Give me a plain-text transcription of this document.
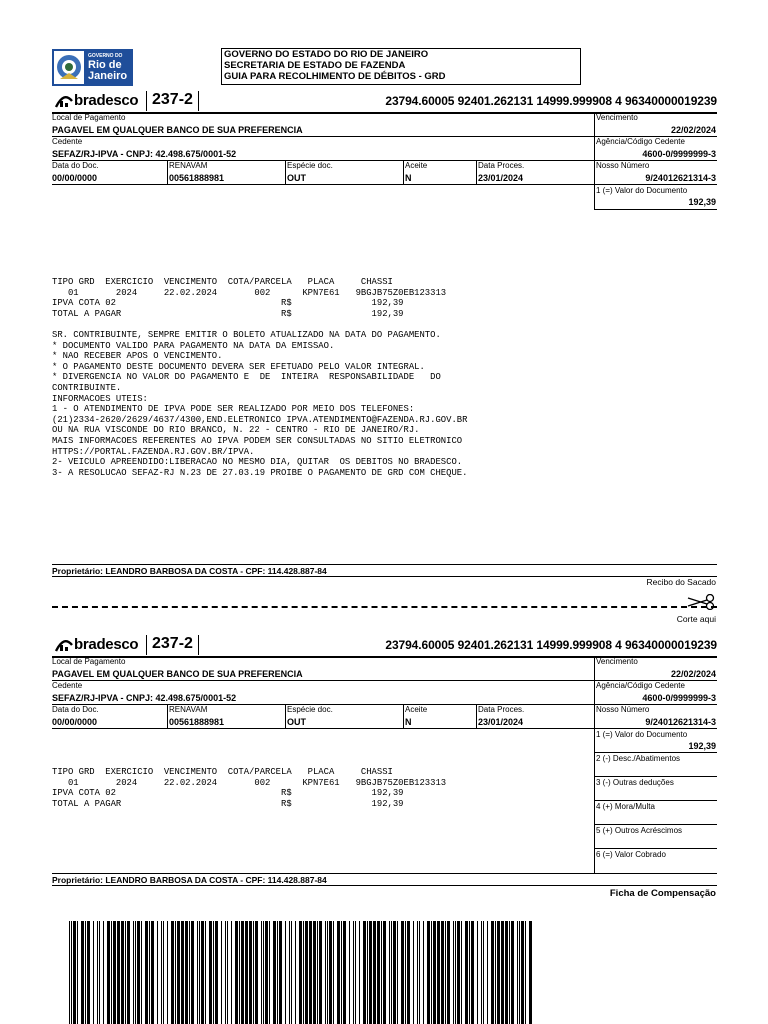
GOVERNO DO
Rio de
Janeiro
GOVERNO DO ESTADO DO RIO DE JANEIRO
SECRETARIA DE ESTADO DE FAZENDA
GUIA PARA RECOLHIMENTO DE DÉBITOS - GRD
bradesco 237-2	23794.60005 92401.262131 14999.999908 4 96340000019239
Local de Pagamento
PAGAVEL EM QUALQUER BANCO DE SUA PREFERENCIA
Vencimento
22/02/2024
Cedente
SEFAZ/RJ-IPVA - CNPJ: 42.498.675/0001-52
Agência/Código Cedente
4600-0/9999999-3
Data do Doc.
00/00/0000
RENAVAM
00561888981
Espécie doc.
OUT
Aceite
N
Data Proces.
23/01/2024
Nosso Número
9/24012621314-3
1 (=) Valor do Documento
192,39
TIPO GRD  EXERCICIO  VENCIMENTO  COTA/PARCELA   PLACA     CHASSI
01       2024     22.02.2024       002      KPN7E61   9BGJB75Z0EB123313
IPVA COTA 02                               R$               192,39
TOTAL A PAGAR                              R$               192,39

SR. CONTRIBUINTE, SEMPRE EMITIR O BOLETO ATUALIZADO NA DATA DO PAGAMENTO.
* DOCUMENTO VALIDO PARA PAGAMENTO NA DATA DA EMISSAO.
* NAO RECEBER APOS O VENCIMENTO.
* O PAGAMENTO DESTE DOCUMENTO DEVERA SER EFETUADO PELO VALOR INTEGRAL.
* DIVERGENCIA NO VALOR DO PAGAMENTO E  DE  INTEIRA  RESPONSABILIDADE   DO
CONTRIBUINTE.
INFORMACOES UTEIS:
1 - O ATENDIMENTO DE IPVA PODE SER REALIZADO POR MEIO DOS TELEFONES:
(21)2334-2620/2629/4637/4300,END.ELETRONICO IPVA.ATENDIMENTO@FAZENDA.RJ.GOV.BR
OU NA RUA VISCONDE DO RIO BRANCO, N. 22 - CENTRO - RIO DE JANEIRO/RJ.
MAIS INFORMACOES REFERENTES AO IPVA PODEM SER CONSULTADAS NO SITIO ELETRONICO
HTTPS://PORTAL.FAZENDA.RJ.GOV.BR/IPVA.
2- VEICULO APREENDIDO:LIBERACAO NO MESMO DIA, QUITAR  OS DEBITOS NO BRADESCO.
3- A RESOLUCAO SEFAZ-RJ N.23 DE 27.03.19 PROIBE O PAGAMENTO DE GRD COM CHEQUE.
Proprietário: LEANDRO BARBOSA DA COSTA - CPF: 114.428.887-84
Recibo do Sacado
Corte aqui
bradesco 237-2	23794.60005 92401.262131 14999.999908 4 96340000019239
Local de Pagamento
PAGAVEL EM QUALQUER BANCO DE SUA PREFERENCIA
Vencimento
22/02/2024
Cedente
SEFAZ/RJ-IPVA - CNPJ: 42.498.675/0001-52
Agência/Código Cedente
4600-0/9999999-3
Data do Doc.
00/00/0000
RENAVAM
00561888981
Espécie doc.
OUT
Aceite
N
Data Proces.
23/01/2024
Nosso Número
9/24012621314-3
1 (=) Valor do Documento
192,39
2 (-) Desc./Abatimentos
3 (-) Outras deduções
4 (+) Mora/Multa
5 (+) Outros Acréscimos
6 (=) Valor Cobrado
TIPO GRD  EXERCICIO  VENCIMENTO  COTA/PARCELA   PLACA     CHASSI
01       2024     22.02.2024       002      KPN7E61   9BGJB75Z0EB123313
IPVA COTA 02                               R$               192,39
TOTAL A PAGAR                              R$               192,39
Proprietário: LEANDRO BARBOSA DA COSTA - CPF: 114.428.887-84
Ficha de Compensação
